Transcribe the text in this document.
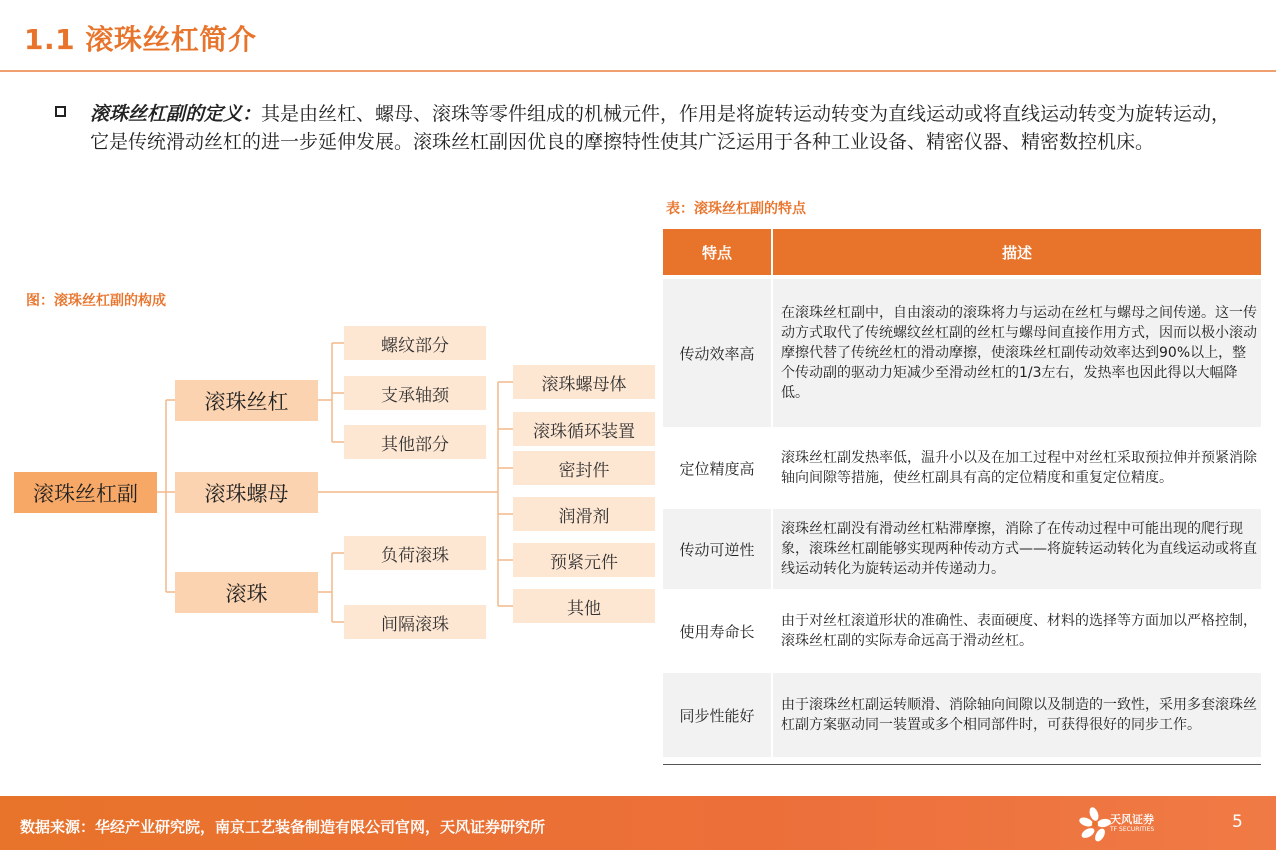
1.1 滚珠丝杠简介
滚珠丝杠副的定义：其是由丝杠、螺母、滚珠等零件组成的机械元件，作用是将旋转运动转变为直线运动或将直线运动转变为旋转运动，它是传统滑动丝杠的进一步延伸发展。滚珠丝杠副因优良的摩擦特性使其广泛运用于各种工业设备、精密仪器、精密数控机床。
图：滚珠丝杠副的构成
滚珠丝杠副
滚珠丝杠
滚珠螺母
滚珠
螺纹部分
支承轴颈
其他部分
滚珠螺母体
滚珠循环装置
密封件
润滑剂
预紧元件
其他
负荷滚珠
间隔滚珠
表：滚珠丝杠副的特点
特点	描述
传动效率高	在滚珠丝杠副中，自由滚动的滚珠将力与运动在丝杠与螺母之间传递。这一传动方式取代了传统螺纹丝杠副的丝杠与螺母间直接作用方式，因而以极小滚动摩擦代替了传统丝杠的滑动摩擦，使滚珠丝杠副传动效率达到90%以上，整个传动副的驱动力矩减少至滑动丝杠的1/3左右，发热率也因此得以大幅降低。
定位精度高	滚珠丝杠副发热率低，温升小以及在加工过程中对丝杠采取预拉伸并预紧消除轴向间隙等措施，使丝杠副具有高的定位精度和重复定位精度。
传动可逆性	滚珠丝杠副没有滑动丝杠粘滞摩擦，消除了在传动过程中可能出现的爬行现象，滚珠丝杠副能够实现两种传动方式——将旋转运动转化为直线运动或将直线运动转化为旋转运动并传递动力。
使用寿命长	由于对丝杠滚道形状的准确性、表面硬度、材料的选择等方面加以严格控制，滚珠丝杠副的实际寿命远高于滑动丝杠。
同步性能好	由于滚珠丝杠副运转顺滑、消除轴向间隙以及制造的一致性，采用多套滚珠丝杠副方案驱动同一装置或多个相同部件时，可获得很好的同步工作。
数据来源：华经产业研究院，南京工艺装备制造有限公司官网，天风证券研究所	天风证券
TF SECURITIES	5
